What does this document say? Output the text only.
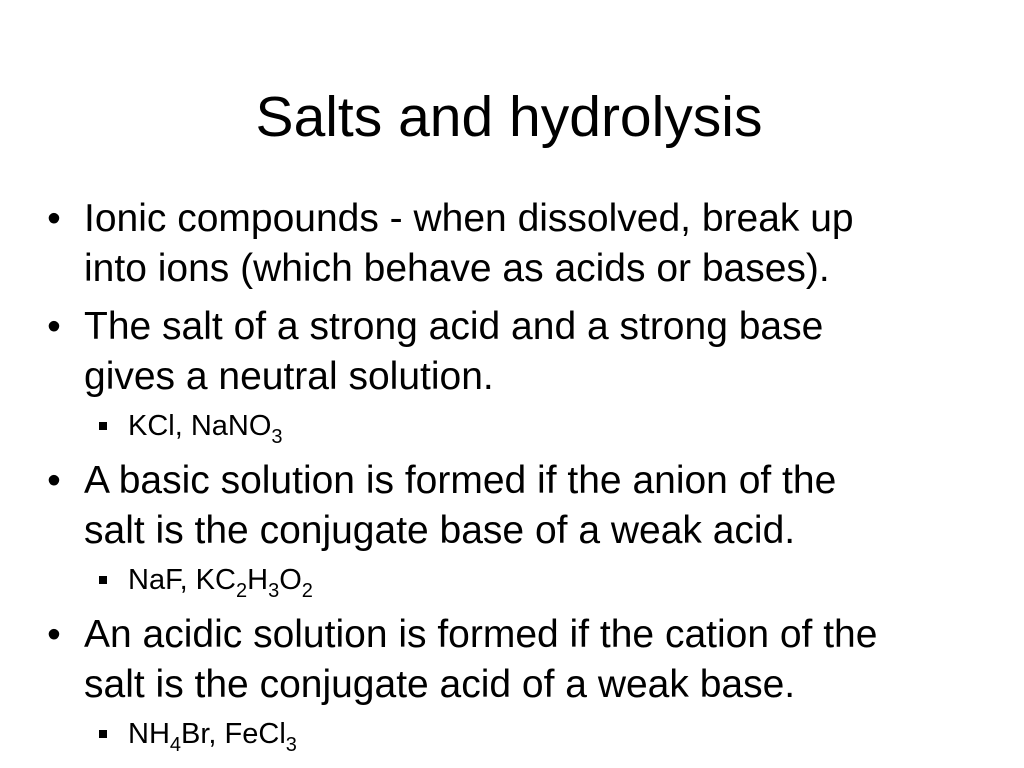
Salts and hydrolysis
• Ionic compounds - when dissolved, break up
into ions (which behave as acids or bases).
• The salt of a strong acid and a strong base
gives a neutral solution.
KCl, NaNO$_3$
• A basic solution is formed if the anion of the
salt is the conjugate base of a weak acid.
NaF, $KC_2H_3O_2$
• An acidic solution is formed if the cation of the
salt is the conjugate acid of a weak base.
$NH_4Br$, FeCl$_3$
